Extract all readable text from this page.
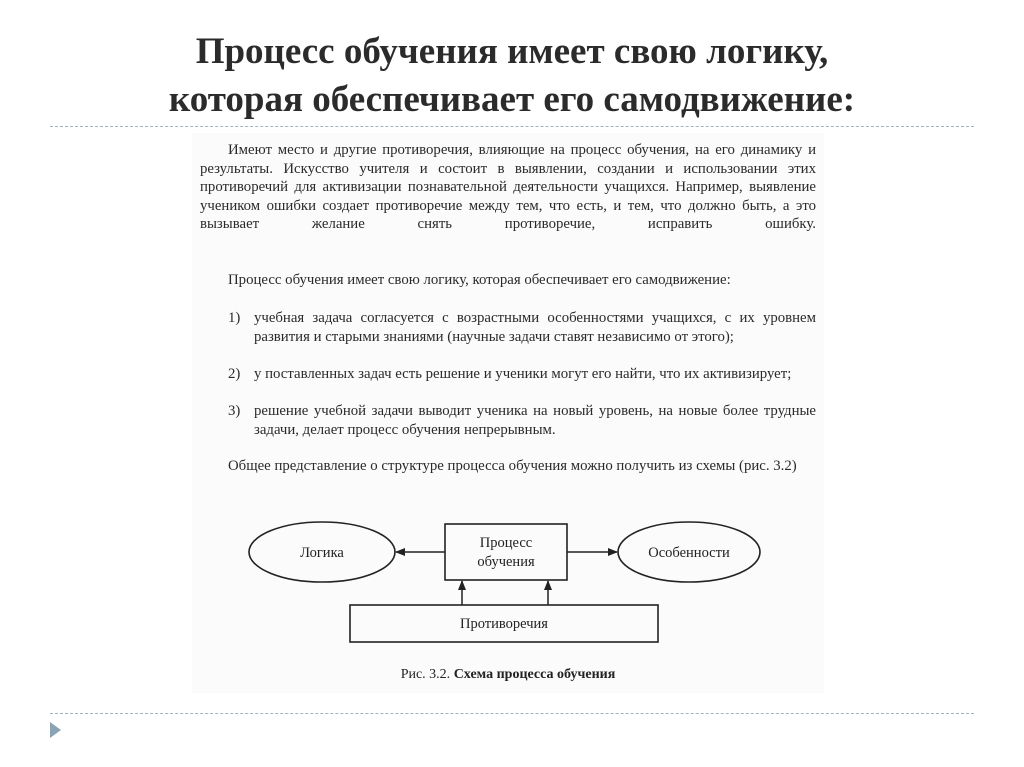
Процесс обучения имеет свою логику,
которая обеспечивает его самодвижение:
Имеют место и другие противоречия, влияющие на процесс обучения, на его динамику и результаты. Искусство учителя и состоит в выявлении, создании и использовании этих противоречий для активизации познавательной деятельности учащихся. Например, выявление учеником ошибки создает противоречие между тем, что есть, и тем, что должно быть, а это вызывает желание снять противоречие, исправить ошибку.
Процесс обучения имеет свою логику, которая обеспечивает его самодвижение:
1) учебная задача согласуется с возрастными особенностями учащихся, с их уровнем развития и старыми знаниями (научные задачи ставят независимо от этого);
2) у поставленных задач есть решение и ученики могут его найти, что их активизирует;
3) решение учебной задачи выводит ученика на новый уровень, на новые более трудные задачи, делает процесс обучения непрерывным.
Общее представление о структуре процесса обучения можно получить из схемы (рис. 3.2)
Логика
Процесс
обучения
Особенности
Противоречия
Рис. 3.2. Схема процесса обучения
